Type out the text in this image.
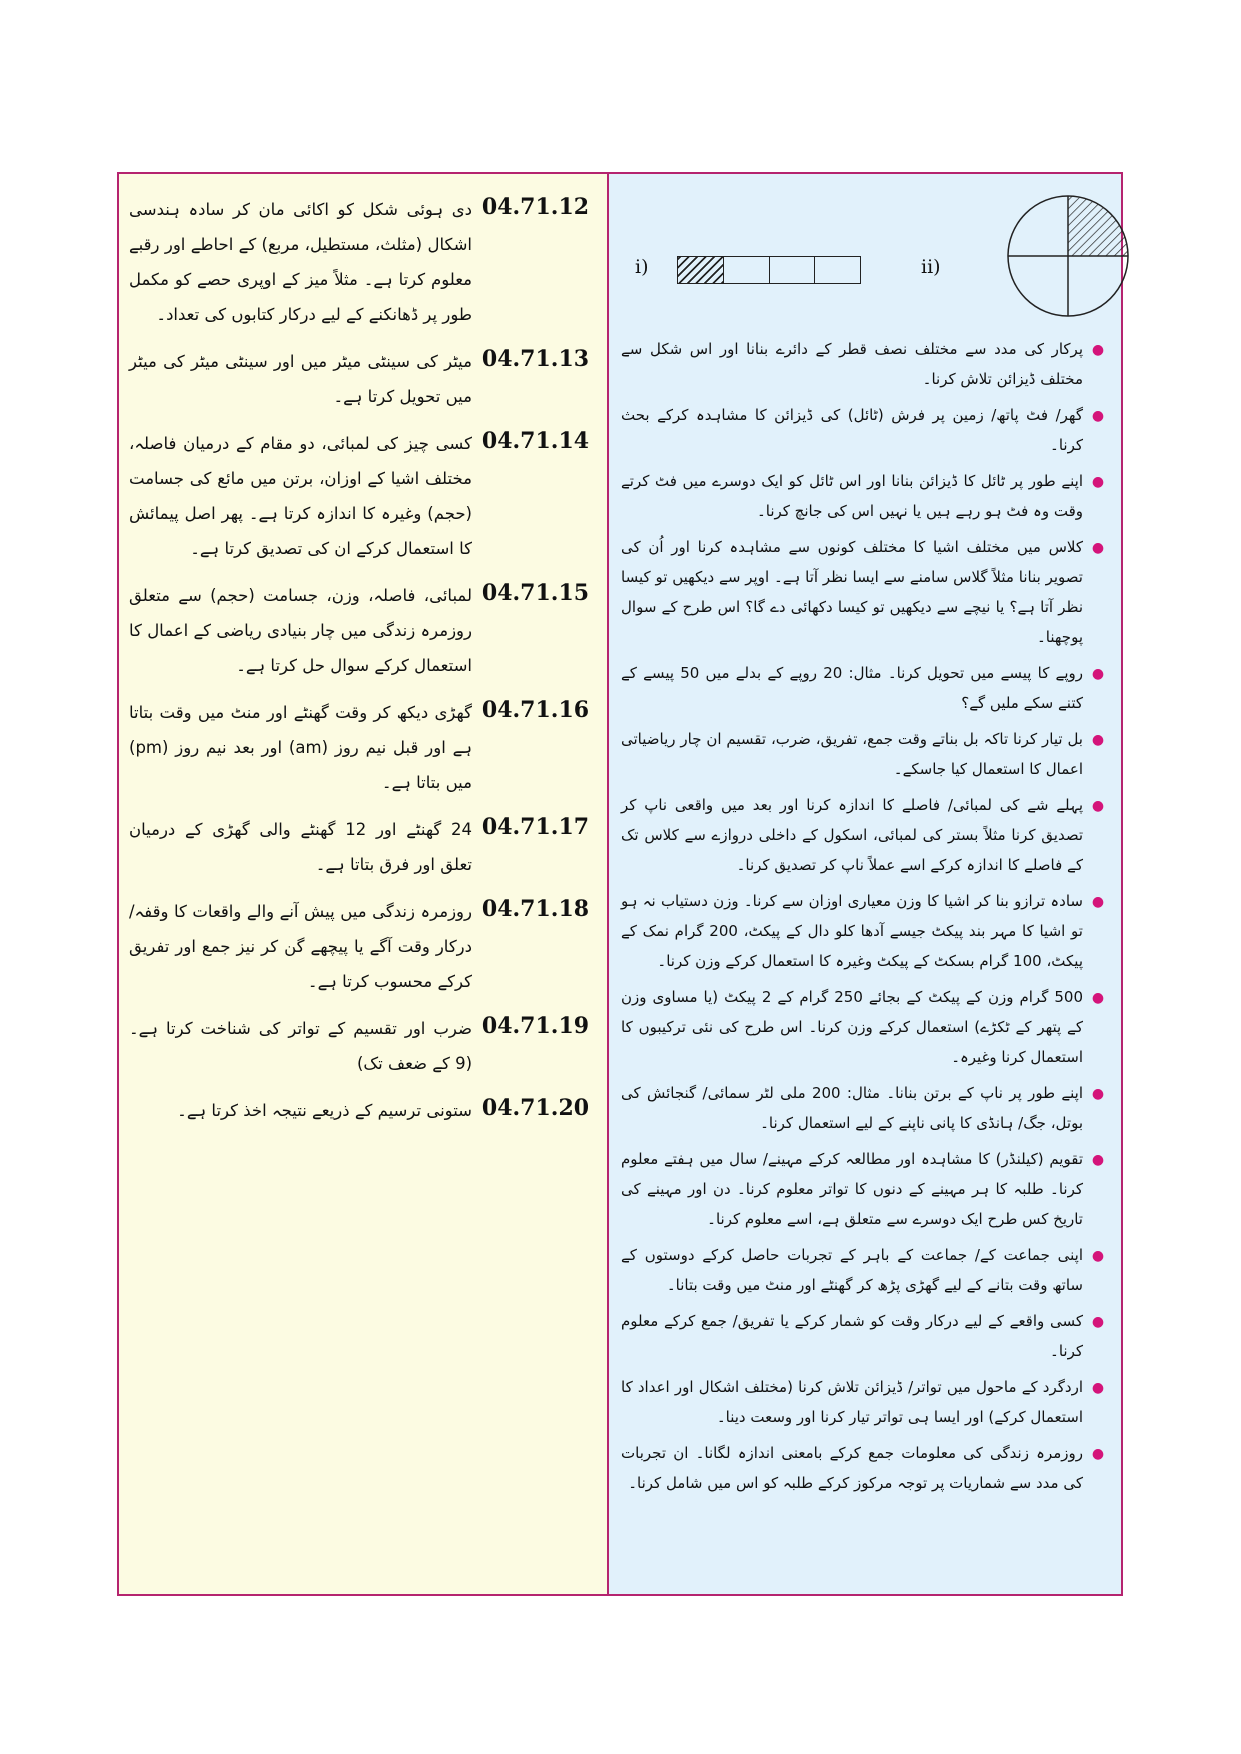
04.71.12
دی ہوئی شکل کو اکائی مان کر سادہ ہندسی اشکال (مثلث، مستطیل، مربع) کے احاطے اور رقبے معلوم کرتا ہے۔ مثلاً میز کے اوپری حصے کو مکمل طور پر ڈھانکنے کے لیے درکار کتابوں کی تعداد۔
04.71.13
میٹر کی سینٹی میٹر میں اور سینٹی میٹر کی میٹر میں تحویل کرتا ہے۔
04.71.14
کسی چیز کی لمبائی، دو مقام کے درمیان فاصلہ، مختلف اشیا کے اوزان، برتن میں مائع کی جسامت (حجم) وغیرہ کا اندازہ کرتا ہے۔ پھر اصل پیمائش کا استعمال کرکے ان کی تصدیق کرتا ہے۔
04.71.15
لمبائی، فاصلہ، وزن، جسامت (حجم) سے متعلق روزمرہ زندگی میں چار بنیادی ریاضی کے اعمال کا استعمال کرکے سوال حل کرتا ہے۔
04.71.16
گھڑی دیکھ کر وقت گھنٹے اور منٹ میں وقت بتاتا ہے اور قبل نیم روز (am) اور بعد نیم روز (pm) میں بتاتا ہے۔
04.71.17
24 گھنٹے اور 12 گھنٹے والی گھڑی کے درمیان تعلق اور فرق بتاتا ہے۔
04.71.18
روزمرہ زندگی میں پیش آنے والے واقعات کا وقفہ/ درکار وقت آگے یا پیچھے گن کر نیز جمع اور تفریق کرکے محسوب کرتا ہے۔
04.71.19
ضرب اور تقسیم کے تواتر کی شناخت کرتا ہے۔ (9 کے ضعف تک)
04.71.20
ستونی ترسیم کے ذریعے نتیجہ اخذ کرتا ہے۔
i)	ii)
●
پرکار کی مدد سے مختلف نصف قطر کے دائرے بنانا اور اس شکل سے مختلف ڈیزائن تلاش کرنا۔
●
گھر/ فٹ پاتھ/ زمین پر فرش (ٹائل) کی ڈیزائن کا مشاہدہ کرکے بحث کرنا۔
●
اپنے طور پر ٹائل کا ڈیزائن بنانا اور اس ٹائل کو ایک دوسرے میں فٹ کرتے وقت وہ فٹ ہو رہے ہیں یا نہیں اس کی جانچ کرنا۔
●
کلاس میں مختلف اشیا کا مختلف کونوں سے مشاہدہ کرنا اور اُن کی تصویر بنانا مثلاً گلاس سامنے سے ایسا نظر آتا ہے۔ اوپر سے دیکھیں تو کیسا نظر آتا ہے؟ یا نیچے سے دیکھیں تو کیسا دکھائی دے گا؟ اس طرح کے سوال پوچھنا۔
●
روپے کا پیسے میں تحویل کرنا۔ مثال: 20 روپے کے بدلے میں 50 پیسے کے کتنے سکے ملیں گے؟
●
بل تیار کرنا تاکہ بل بناتے وقت جمع، تفریق، ضرب، تقسیم ان چار ریاضیاتی اعمال کا استعمال کیا جاسکے۔
●
پہلے شے کی لمبائی/ فاصلے کا اندازہ کرنا اور بعد میں واقعی ناپ کر تصدیق کرنا مثلاً بستر کی لمبائی، اسکول کے داخلی دروازے سے کلاس تک کے فاصلے کا اندازہ کرکے اسے عملاً ناپ کر تصدیق کرنا۔
●
سادہ ترازو بنا کر اشیا کا وزن معیاری اوزان سے کرنا۔ وزن دستیاب نہ ہو تو اشیا کا مہر بند پیکٹ جیسے آدھا کلو دال کے پیکٹ، 200 گرام نمک کے پیکٹ، 100 گرام بسکٹ کے پیکٹ وغیرہ کا استعمال کرکے وزن کرنا۔
●
500 گرام وزن کے پیکٹ کے بجائے 250 گرام کے 2 پیکٹ (یا مساوی وزن کے پتھر کے ٹکڑے) استعمال کرکے وزن کرنا۔ اس طرح کی نئی ترکیبوں کا استعمال کرنا وغیرہ۔
●
اپنے طور پر ناپ کے برتن بنانا۔ مثال: 200 ملی لٹر سمائی/ گنجائش کی بوتل، جگ/ ہانڈی کا پانی ناپنے کے لیے استعمال کرنا۔
●
تقویم (کیلنڈر) کا مشاہدہ اور مطالعہ کرکے مہینے/ سال میں ہفتے معلوم کرنا۔ طلبہ کا ہر مہینے کے دنوں کا تواتر معلوم کرنا۔ دن اور مہینے کی تاریخ کس طرح ایک دوسرے سے متعلق ہے، اسے معلوم کرنا۔
●
اپنی جماعت کے/ جماعت کے باہر کے تجربات حاصل کرکے دوستوں کے ساتھ وقت بتانے کے لیے گھڑی پڑھ کر گھنٹے اور منٹ میں وقت بتانا۔
●
کسی واقعے کے لیے درکار وقت کو شمار کرکے یا تفریق/ جمع کرکے معلوم کرنا۔
●
اردگرد کے ماحول میں تواتر/ ڈیزائن تلاش کرنا (مختلف اشکال اور اعداد کا استعمال کرکے) اور ایسا ہی تواتر تیار کرنا اور وسعت دینا۔
●
روزمرہ زندگی کی معلومات جمع کرکے بامعنی اندازہ لگانا۔ ان تجربات کی مدد سے شماریات پر توجہ مرکوز کرکے طلبہ کو اس میں شامل کرنا۔
